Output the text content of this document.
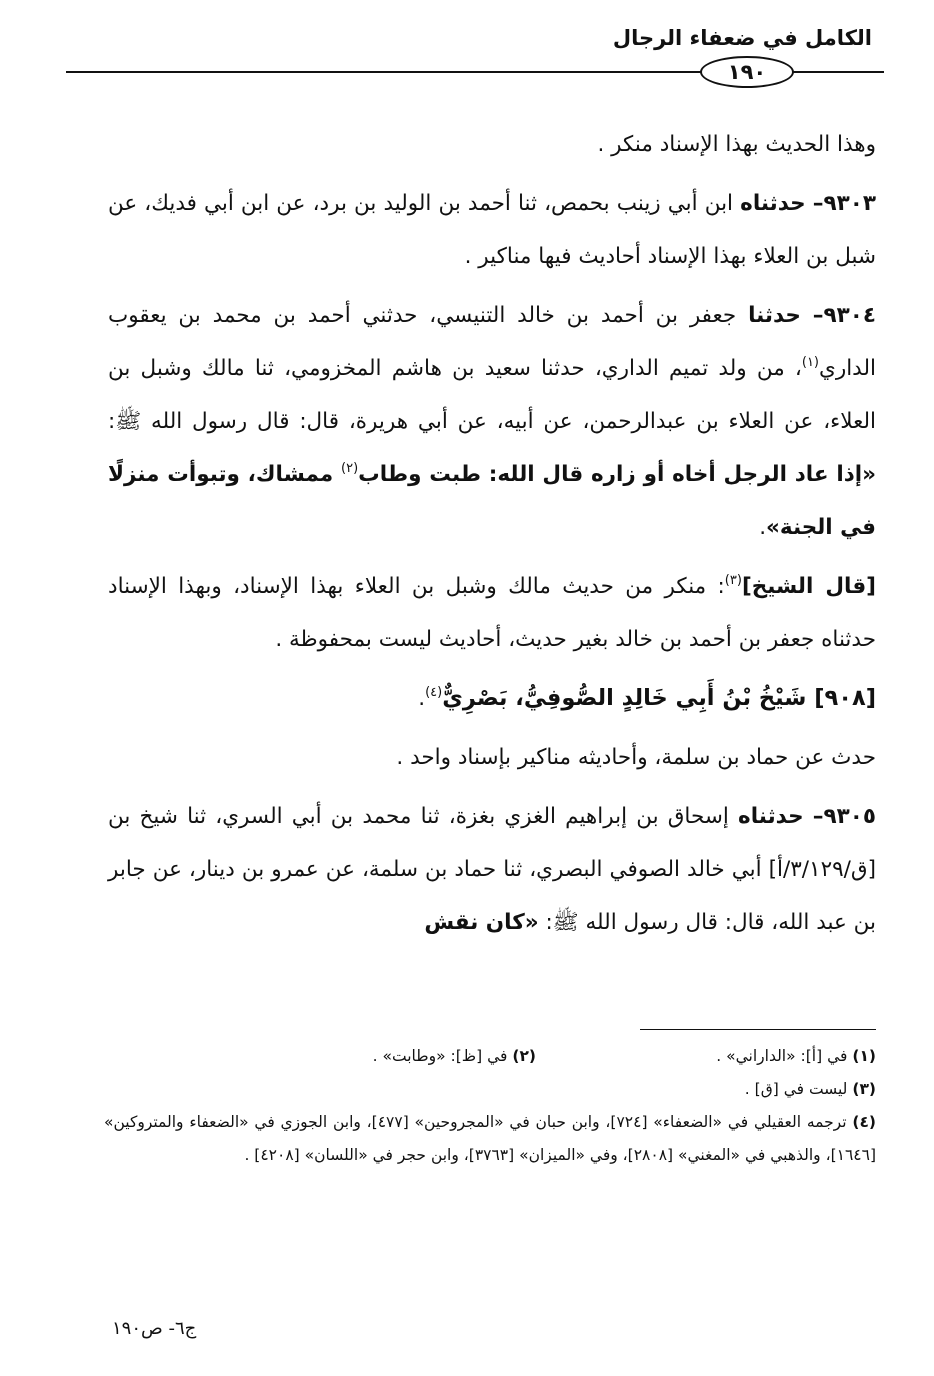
الكامل في ضعفاء الرجال
١٩٠

وهذا الحديث بهذا الإسناد منكر .

٩٣٠٣– حدثناه ابن أبي زينب بحمص، ثنا أحمد بن الوليد بن برد، عن ابن أبي فديك، عن شبل بن العلاء بهذا الإسناد أحاديث فيها مناكير .

٩٣٠٤– حدثنا جعفر بن أحمد بن خالد التنيسي، حدثني أحمد بن محمد بن يعقوب الداري$^{(١)}$، من ولد تميم الداري، حدثنا سعيد بن هاشم المخزومي، ثنا مالك وشبل بن العلاء، عن العلاء بن عبدالرحمن، عن أبيه، عن أبي هريرة، قال: قال رسول الله ﷺ: «إذا عاد الرجل أخاه أو زاره قال الله: طبت وطاب$^{(٢)}$ ممشاك، وتبوأت منزلًا في الجنة».

[قال الشيخ]$^{(٣)}$: منكر من حديث مالك وشبل بن العلاء بهذا الإسناد، وبهذا الإسناد حدثناه جعفر بن أحمد بن خالد بغير حديث، أحاديث ليست بمحفوظة .

[٩٠٨] شَيْخُ بْنُ أَبِي خَالِدٍ الصُّوفِيُّ، بَصْرِيٌّ$^{(٤)}$.

حدث عن حماد بن سلمة، وأحاديثه مناكير بإسناد واحد .

٩٣٠٥– حدثناه إسحاق بن إبراهيم الغزي بغزة، ثنا محمد بن أبي السري، ثنا شيخ بن [ق/٣/١٢٩/أ] أبي خالد الصوفي البصري، ثنا حماد بن سلمة، عن عمرو بن دينار، عن جابر بن عبد الله، قال: قال رسول الله ﷺ: «كان نقش

(١) في [أ]: «الداراني» .
(٢) في [ظ]: «وطابت» .

(٣) ليست في [ق] .

(٤) ترجمه العقيلي في «الضعفاء» [٧٢٤]، وابن حبان في «المجروحين» [٤٧٧]، وابن الجوزي في «الضعفاء والمتروكين» [١٦٤٦]، والذهبي في «المغني» [٢٨٠٨]، وفي «الميزان» [٣٧٦٣]، وابن حجر في «اللسان» [٤٢٠٨] .

ج٦- ص١٩٠
